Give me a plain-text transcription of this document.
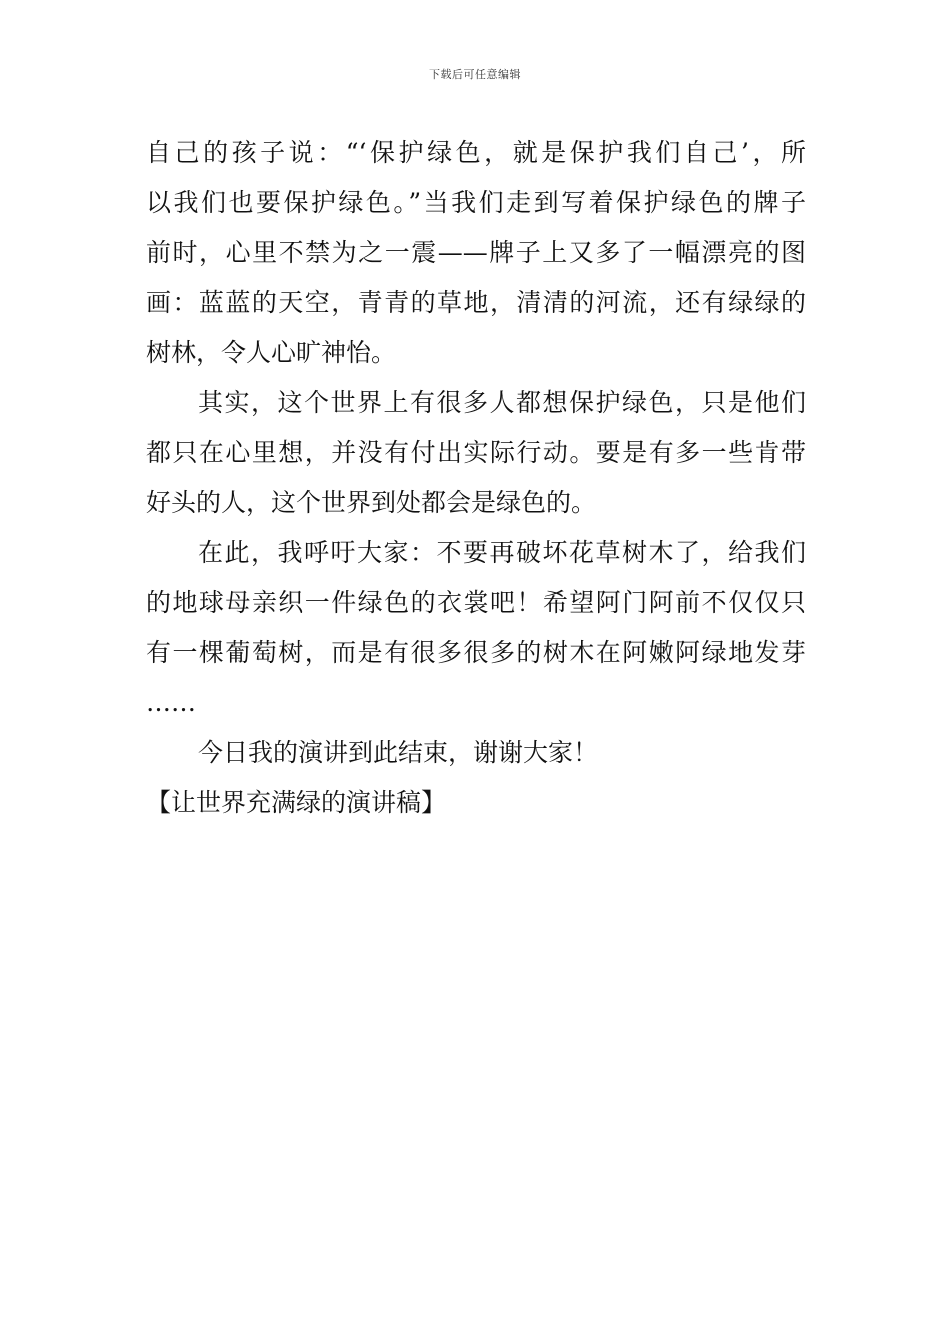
下载后可任意编辑
自己的孩子说：“‘保护绿色，就是保护我们自己’，所
以我们也要保护绿色。”当我们走到写着保护绿色的牌子
前时，心里不禁为之一震——牌子上又多了一幅漂亮的图
画：蓝蓝的天空，青青的草地，清清的河流，还有绿绿的
树林，令人心旷神怡。
其实，这个世界上有很多人都想保护绿色，只是他们
都只在心里想，并没有付出实际行动。要是有多一些肯带
好头的人，这个世界到处都会是绿色的。
在此，我呼吁大家：不要再破坏花草树木了，给我们
的地球母亲织一件绿色的衣裳吧！希望阿门阿前不仅仅只
有一棵葡萄树，而是有很多很多的树木在阿嫩阿绿地发芽
……
今日我的演讲到此结束，谢谢大家！
【让世界充满绿的演讲稿】
